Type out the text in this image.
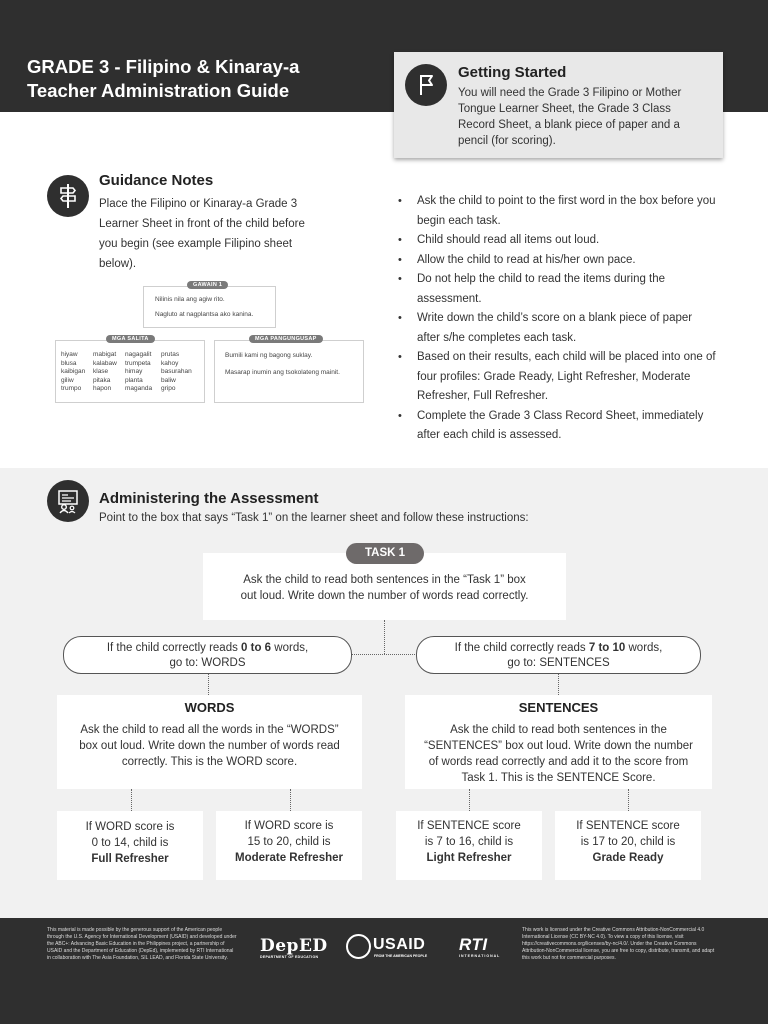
GRADE 3 - Filipino & Kinaray-a
Teacher Administration Guide
Getting Started
You will need the Grade 3 Filipino or Mother Tongue Learner Sheet, the Grade 3 Class Record Sheet, a blank piece of paper and a pencil (for scoring).
Guidance Notes
Place the Filipino or Kinaray-a Grade 3 Learner Sheet in front of the child before you begin (see example Filipino sheet below).
Nilinis nila ang agiw rito.
Nagluto at nagplantsa ako kanina.
GAWAIN 1
hiyaw
blusa
kaibigan
giliw
trumpo
mabigat
kalabaw
klase
pitaka
hapon
nagagalit
trumpeta
himay
planta
maganda
prutas
kahoy
basurahan
baliw
gripo
MGA SALITA
Bumili kami ng bagong suklay.
Masarap inumin ang tsokolateng mainit.
MGA PANGUNGUSAP
• Ask the child to point to the first word in the box before you begin each task.
• Child should read all items out loud.
• Allow the child to read at his/her own pace.
• Do not help the child to read the items during the assessment.
• Write down the child’s score on a blank piece of paper after s/he completes each task.
• Based on their results, each child will be placed into one of four profiles: Grade Ready, Light Refresher, Moderate Refresher, Full Refresher.
• Complete the Grade 3 Class Record Sheet, immediately after each child is assessed.
Administering the Assessment
Point to the box that says “Task 1” on the learner sheet and follow these instructions:
Ask the child to read both sentences in the “Task 1” box
out loud. Write down the number of words read correctly.
TASK 1
If the child correctly reads 0 to 6 words,
go to: WORDS
If the child correctly reads 7 to 10 words,
go to: SENTENCES
WORDS
Ask the child to read all the words in the “WORDS”
box out loud. Write down the number of words read
correctly. This is the WORD score.
SENTENCES
Ask the child to read both sentences in the
“SENTENCES” box out loud. Write down the number
of words read correctly and add it to the score from
Task 1. This is the SENTENCE Score.
If WORD score is
0 to 14, child is
Full Refresher
If WORD score is
15 to 20, child is
Moderate Refresher
If SENTENCE score
is 7 to 16, child is
Light Refresher
If SENTENCE score
is 17 to 20, child is
Grade Ready
This material is made possible by the generous support of the American people through the U.S. Agency for International Development (USAID) and developed under the ABC+: Advancing Basic Education in the Philippines project, a partnership of USAID and the Department of Education (DepEd), implemented by RTI International in collaboration with The Asia Foundation, SIL LEAD, and Florida State University.
DepED
DEPARTMENT OF EDUCATION
USAID
FROM THE AMERICAN PEOPLE
RTI
INTERNATIONAL
This work is licensed under the Creative Commons Attribution-NonCommercial 4.0 International License (CC BY-NC 4.0). To view a copy of this license, visit https://creativecommons.org/licenses/by-nc/4.0/. Under the Creative Commons Attribution-NonCommercial license, you are free to copy, distribute, transmit, and adapt this work but not for commercial purposes.
